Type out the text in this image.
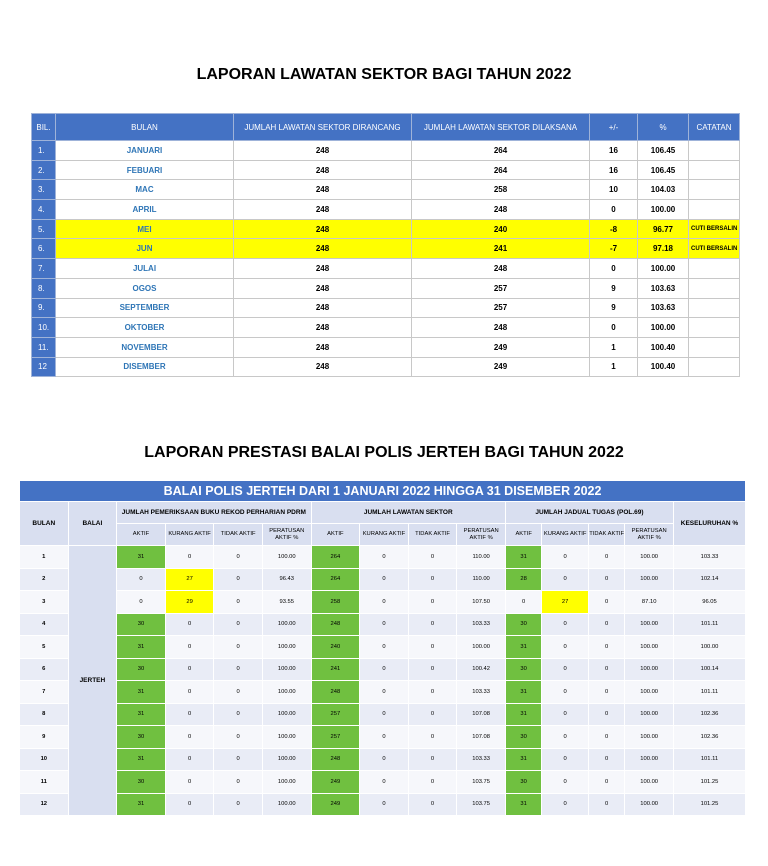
LAPORAN LAWATAN SEKTOR BAGI TAHUN 2022
BIL.	BULAN	JUMLAH LAWATAN SEKTOR DIRANCANG	JUMLAH LAWATAN SEKTOR DILAKSANA	+/-	%	CATATAN
1.	JANUARI	248	264	16	106.45	
2.	FEBUARI	248	264	16	106.45	
3.	MAC	248	258	10	104.03	
4.	APRIL	248	248	0	100.00	
5.	MEI	248	240	-8	96.77	CUTI BERSALIN
6.	JUN	248	241	-7	97.18	CUTI BERSALIN
7.	JULAI	248	248	0	100.00	
8.	OGOS	248	257	9	103.63	
9.	SEPTEMBER	248	257	9	103.63	
10.	OKTOBER	248	248	0	100.00	
11.	NOVEMBER	248	249	1	100.40	
12	DISEMBER	248	249	1	100.40	
LAPORAN PRESTASI BALAI POLIS JERTEH BAGI TAHUN 2022
BALAI POLIS JERTEH DARI 1 JANUARI 2022 HINGGA 31 DISEMBER 2022														
BULAN	BALAI	JUMLAH PEMERIKSAAN BUKU REKOD PERHARIAN PDRM				JUMLAH LAWATAN SEKTOR				JUMLAH JADUAL TUGAS (POL.69)				KESELURUHAN %
		AKTIF	KURANG AKTIF	TIDAK AKTIF	PERATUSAN AKTIF %	AKTIF	KURANG AKTIF	TIDAK AKTIF	PERATUSAN AKTIF %	AKTIF	KURANG AKTIF	TIDAK AKTIF	PERATUSAN AKTIF %	
1	JERTEH	31	0	0	100.00	264	0	0	110.00	31	0	0	100.00	103.33
2		0	27	0	96.43	264	0	0	110.00	28	0	0	100.00	102.14
3		0	29	0	93.55	258	0	0	107.50	0	27	0	87.10	96.05
4		30	0	0	100.00	248	0	0	103.33	30	0	0	100.00	101.11
5		31	0	0	100.00	240	0	0	100.00	31	0	0	100.00	100.00
6		30	0	0	100.00	241	0	0	100.42	30	0	0	100.00	100.14
7		31	0	0	100.00	248	0	0	103.33	31	0	0	100.00	101.11
8		31	0	0	100.00	257	0	0	107.08	31	0	0	100.00	102.36
9		30	0	0	100.00	257	0	0	107.08	30	0	0	100.00	102.36
10		31	0	0	100.00	248	0	0	103.33	31	0	0	100.00	101.11
11		30	0	0	100.00	249	0	0	103.75	30	0	0	100.00	101.25
12		31	0	0	100.00	249	0	0	103.75	31	0	0	100.00	101.25
